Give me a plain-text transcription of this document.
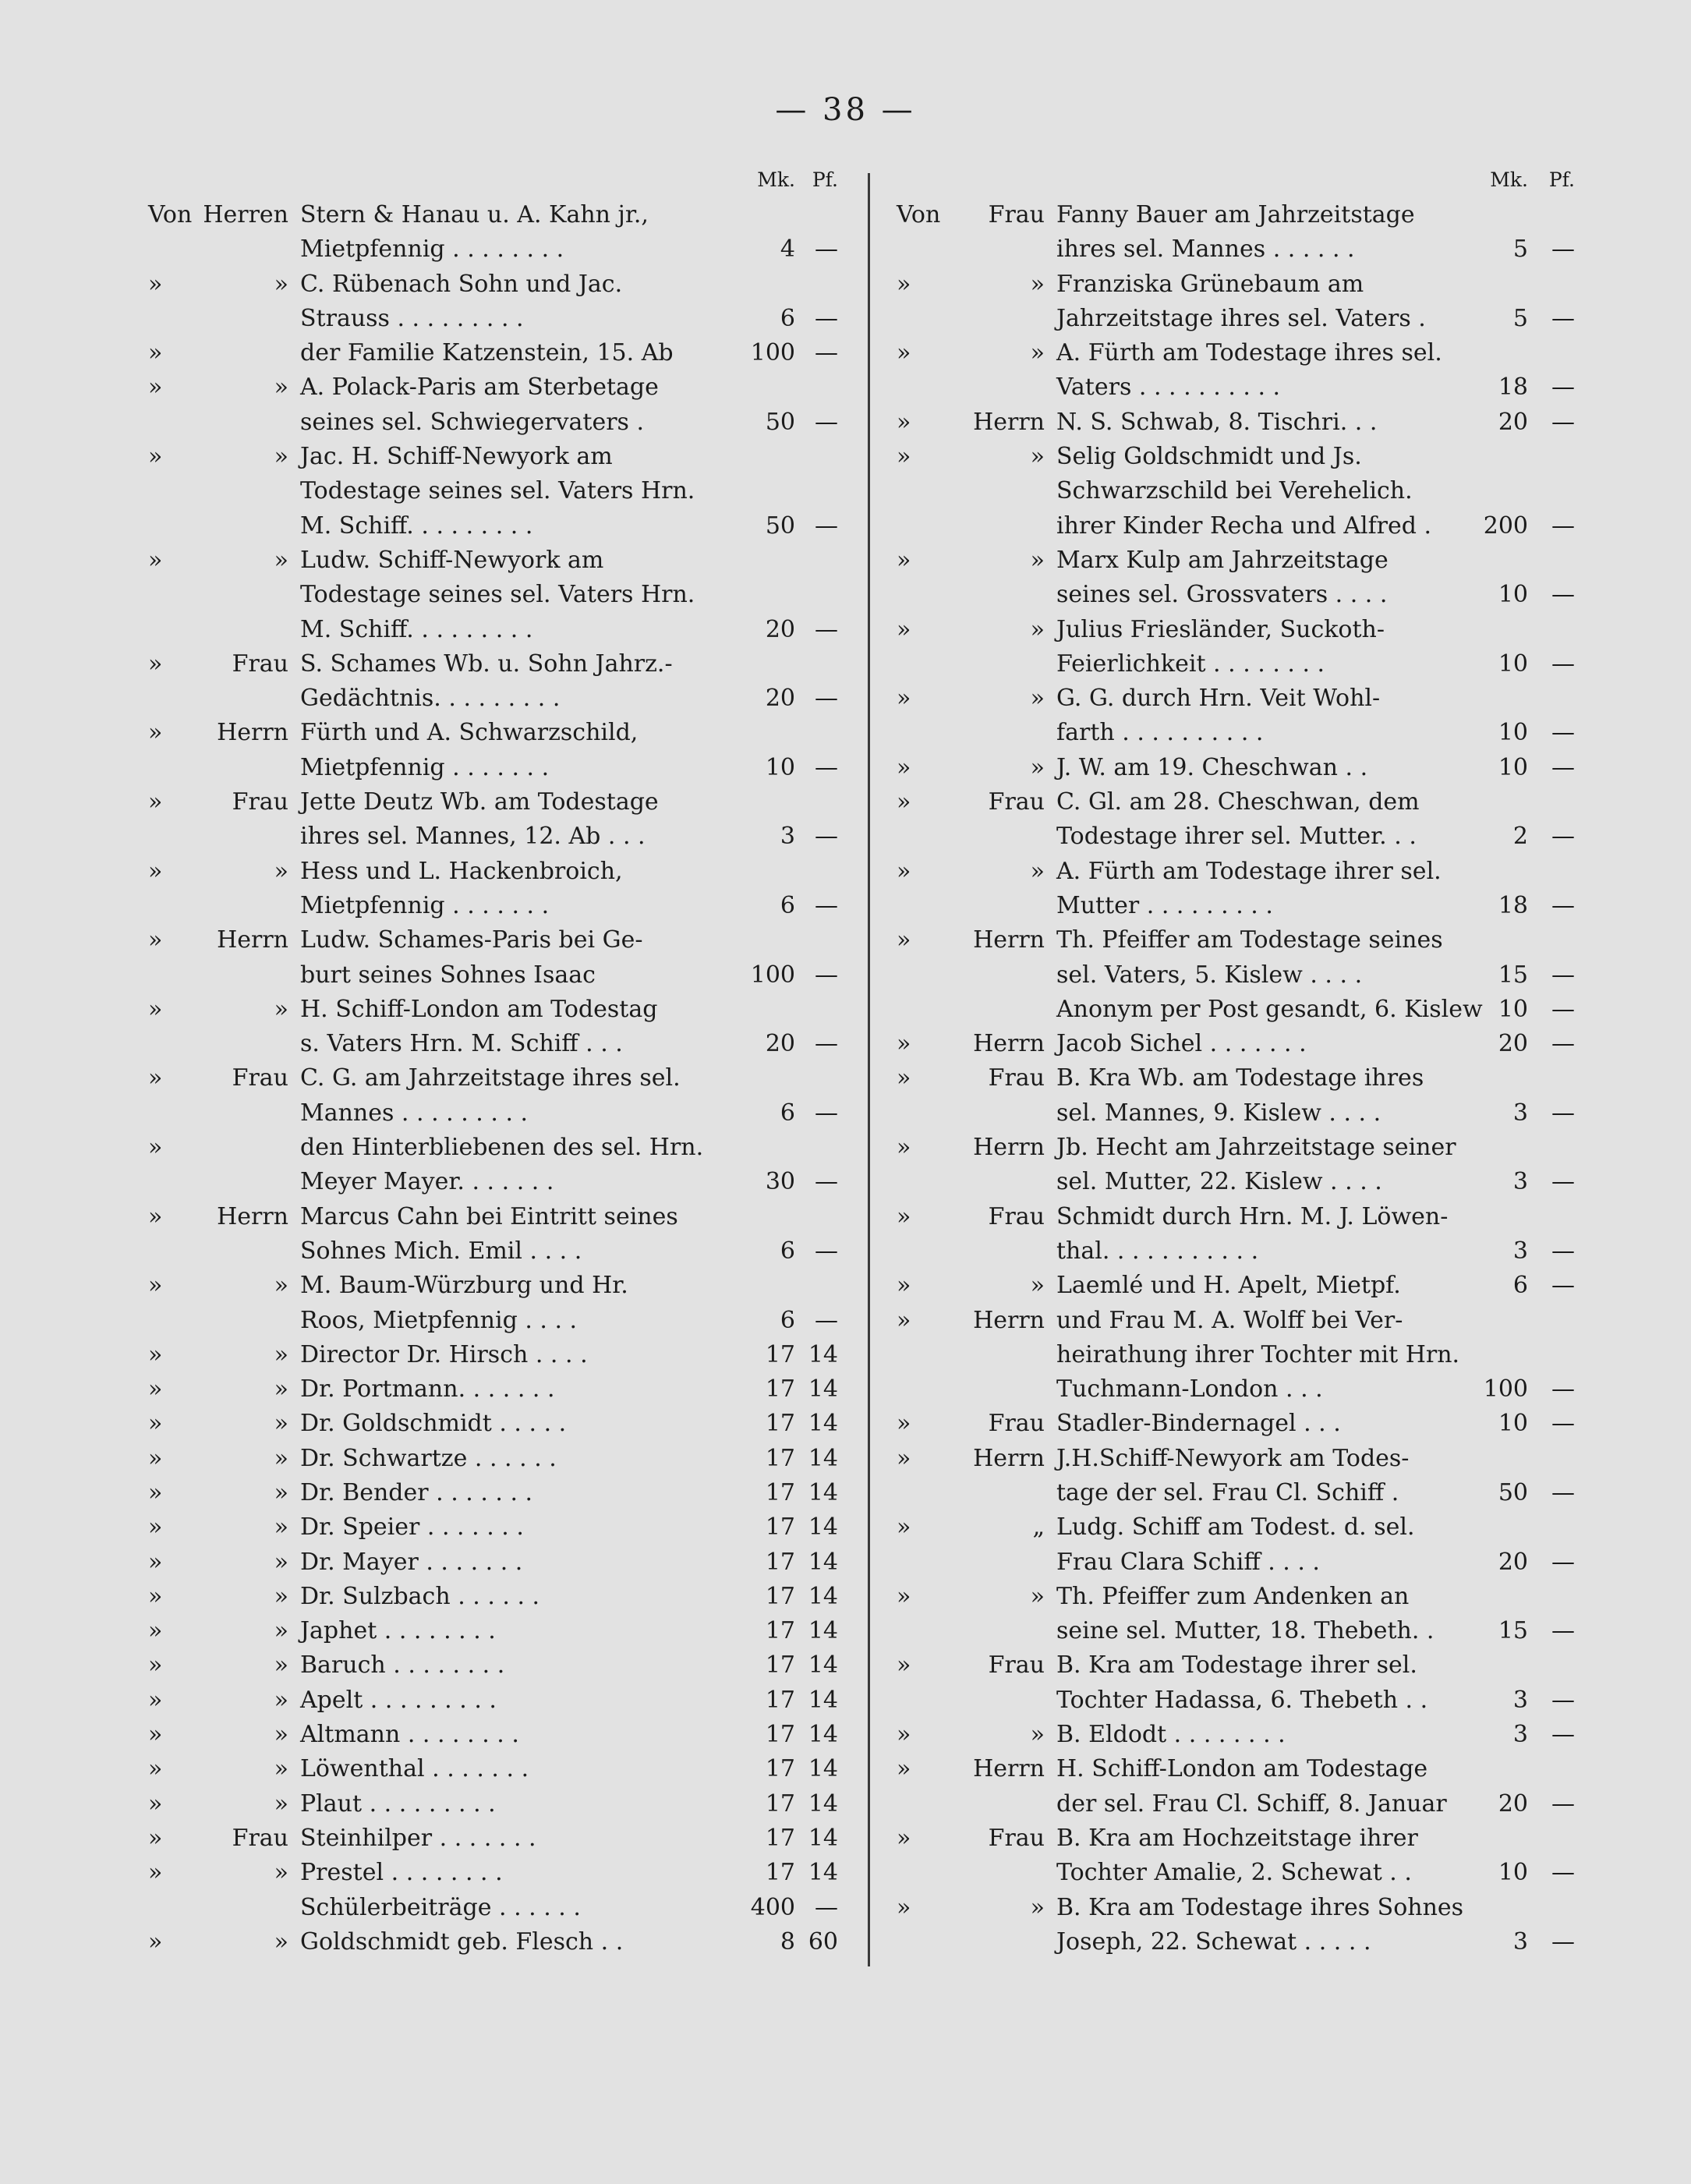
— 38 —
Mk. Pf.
Von Herren Stern & Hanau u. A. Kahn jr.,
Mietpfennig . . . . . . . .	4 —
»	» C. Rübenach Sohn und Jac.
Strauss . . . . . . . . .	6 —
»	der Familie Katzenstein, 15. Ab	100 —
»	» A. Polack-Paris am Sterbetage
seines sel. Schwiegervaters .	50 —
»	» Jac. H. Schiff-Newyork am
Todestage seines sel. Vaters Hrn.
M. Schiff. . . . . . . . .	50 —
»	» Ludw. Schiff-Newyork am
Todestage seines sel. Vaters Hrn.
M. Schiff. . . . . . . . .	20 —
»	Frau S. Schames Wb. u. Sohn Jahrz.-
Gedächtnis. . . . . . . . .	20 —
»	Herrn Fürth und A. Schwarzschild,
Mietpfennig . . . . . . .	10 —
»	Frau Jette Deutz Wb. am Todestage
ihres sel. Mannes, 12. Ab . . .	3 —
»	» Hess und L. Hackenbroich,
Mietpfennig . . . . . . .	6 —
»	Herrn Ludw. Schames-Paris bei Ge-
burt seines Sohnes Isaac	100 —
»	» H. Schiff-London am Todestag
s. Vaters Hrn. M. Schiff . . .	20 —
»	Frau C. G. am Jahrzeitstage ihres sel.
Mannes . . . . . . . . .	6 —
»	den Hinterbliebenen des sel. Hrn.
Meyer Mayer. . . . . . .	30 —
»	Herrn Marcus Cahn bei Eintritt seines
Sohnes Mich. Emil . . . .	6 —
»	» M. Baum-Würzburg und Hr.
Roos, Mietpfennig . . . .	6 —
»	» Director Dr. Hirsch . . . .	17 14
»	» Dr. Portmann. . . . . . .	17 14
»	» Dr. Goldschmidt . . . . .	17 14
»	» Dr. Schwartze . . . . . .	17 14
»	» Dr. Bender . . . . . . .	17 14
»	» Dr. Speier . . . . . . .	17 14
»	» Dr. Mayer . . . . . . .	17 14
»	» Dr. Sulzbach . . . . . .	17 14
»	» Japhet . . . . . . . .	17 14
»	» Baruch . . . . . . . .	17 14
»	» Apelt . . . . . . . . .	17 14
»	» Altmann . . . . . . . .	17 14
»	» Löwenthal . . . . . . .	17 14
»	» Plaut . . . . . . . . .	17 14
»	Frau Steinhilper . . . . . . .	17 14
»	» Prestel . . . . . . . .	17 14
Schülerbeiträge . . . . . .	400 —
»	» Goldschmidt geb. Flesch . .	8 60
Mk.	Pf.
Von	Frau Fanny Bauer am Jahrzeitstage
ihres sel. Mannes . . . . . .	5	—
»	» Franziska Grünebaum am
Jahrzeitstage ihres sel. Vaters .	5	—
»	» A. Fürth am Todestage ihres sel.
Vaters . . . . . . . . . .	18	—
»	Herrn N. S. Schwab, 8. Tischri. . .	20	—
»	» Selig Goldschmidt und Js.
Schwarzschild bei Verehelich.
ihrer Kinder Recha und Alfred .	200	—
»	» Marx Kulp am Jahrzeitstage
seines sel. Grossvaters . . . .	10	—
»	» Julius Friesländer, Suckoth-
Feierlichkeit . . . . . . . .	10	—
»	» G. G. durch Hrn. Veit Wohl-
farth . . . . . . . . . .	10	—
»	» J. W. am 19. Cheschwan . .	10	—
»	Frau C. Gl. am 28. Cheschwan, dem
Todestage ihrer sel. Mutter. . .	2	—
»	» A. Fürth am Todestage ihrer sel.
Mutter . . . . . . . . .	18	—
»	Herrn Th. Pfeiffer am Todestage seines
sel. Vaters, 5. Kislew . . . .	15	—
Anonym per Post gesandt, 6. Kislew 10	—
»	Herrn Jacob Sichel . . . . . . .	20	—
»	Frau B. Kra Wb. am Todestage ihres
sel. Mannes, 9. Kislew . . . .	3	—
»	Herrn Jb. Hecht am Jahrzeitstage seiner
sel. Mutter, 22. Kislew . . . .	3	—
»	Frau Schmidt durch Hrn. M. J. Löwen-
thal. . . . . . . . . . .	3	—
»	» Laemlé und H. Apelt, Mietpf.	6	—
»	Herrn und Frau M. A. Wolff bei Ver-
heirathung ihrer Tochter mit Hrn.
Tuchmann-London . . .	100	—
»	Frau Stadler-Bindernagel . . .	10	—
»	Herrn J.H.Schiff-Newyork am Todes-
tage der sel. Frau Cl. Schiff .	50	—
»	„ Ludg. Schiff am Todest. d. sel.
Frau Clara Schiff . . . .	20	—
»	» Th. Pfeiffer zum Andenken an
seine sel. Mutter, 18. Thebeth. .	15	—
»	Frau B. Kra am Todestage ihrer sel.
Tochter Hadassa, 6. Thebeth . .	3	—
»	» B. Eldodt . . . . . . . .	3	—
»	Herrn H. Schiff-London am Todestage
der sel. Frau Cl. Schiff, 8. Januar	20	—
»	Frau B. Kra am Hochzeitstage ihrer
Tochter Amalie, 2. Schewat . .	10	—
»	» B. Kra am Todestage ihres Sohnes
Joseph, 22. Schewat . . . . .	3	—
